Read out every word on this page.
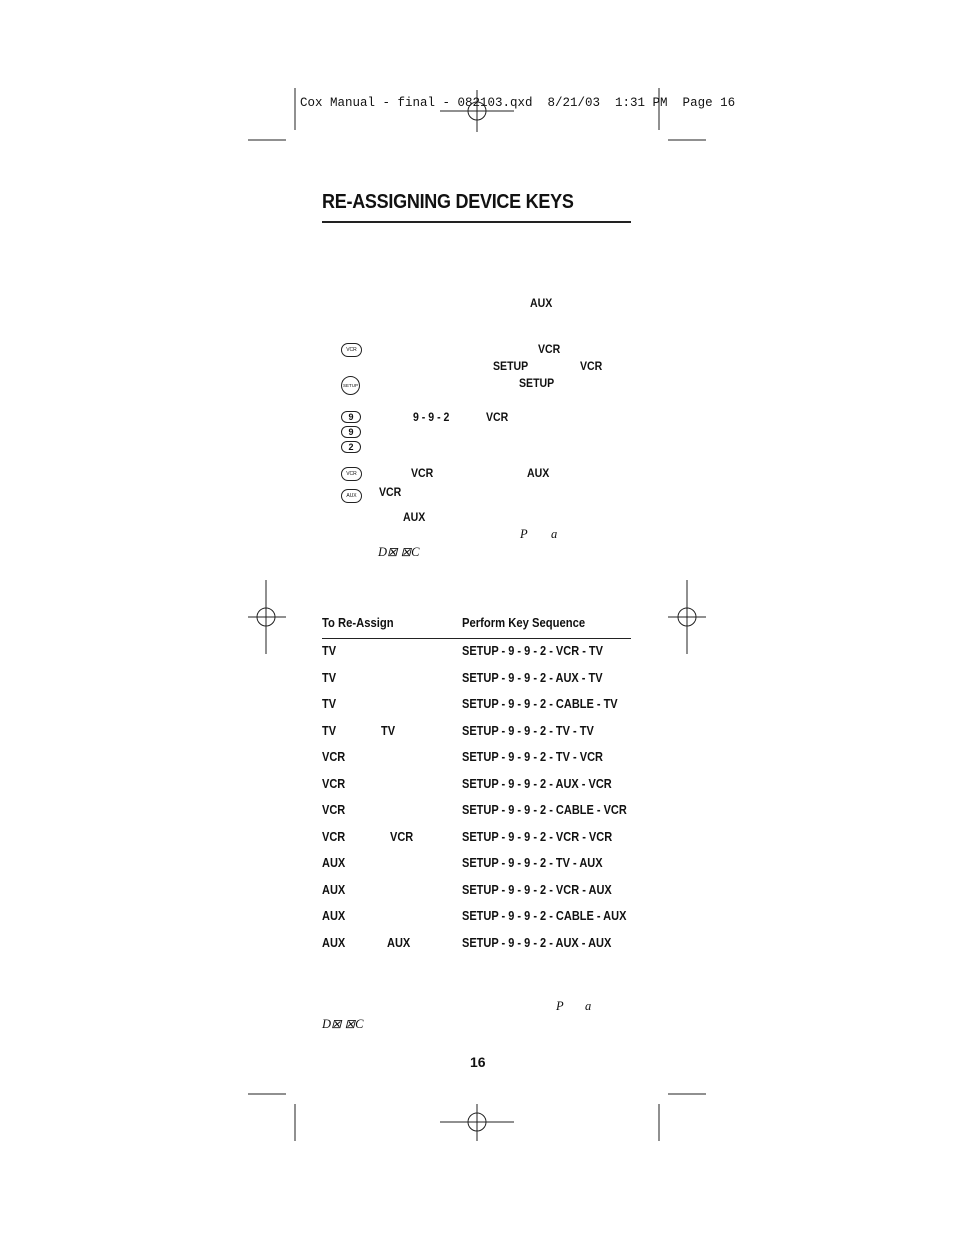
Cox Manual - final - 082103.qxd  8/21/03  1:31 PM  Page 16
RE-ASSIGNING DEVICE KEYS
AUX
VCR	VCR
SETUP	VCR
SETUP	SETUP
9
9
2
9 - 9 - 2	VCR
VCR
AUX
VCR	AUX
VCR
AUX
P a
D⊠ ⊠C
To Re-Assign	Perform Key Sequence
TV	SETUP - 9 - 9 - 2 - VCR - TV
TV	SETUP - 9 - 9 - 2 - AUX - TV
TV	SETUP - 9 - 9 - 2 - CABLE - TV
TV	TV	SETUP - 9 - 9 - 2 - TV - TV
VCR	SETUP - 9 - 9 - 2 - TV - VCR
VCR	SETUP - 9 - 9 - 2 - AUX - VCR
VCR	SETUP - 9 - 9 - 2 - CABLE - VCR
VCR	VCR	SETUP - 9 - 9 - 2 - VCR - VCR
AUX	SETUP - 9 - 9 - 2 - TV - AUX
AUX	SETUP - 9 - 9 - 2 - VCR - AUX
AUX	SETUP - 9 - 9 - 2 - CABLE - AUX
AUX	AUX	SETUP - 9 - 9 - 2 - AUX - AUX
P a
D⊠ ⊠C
16
